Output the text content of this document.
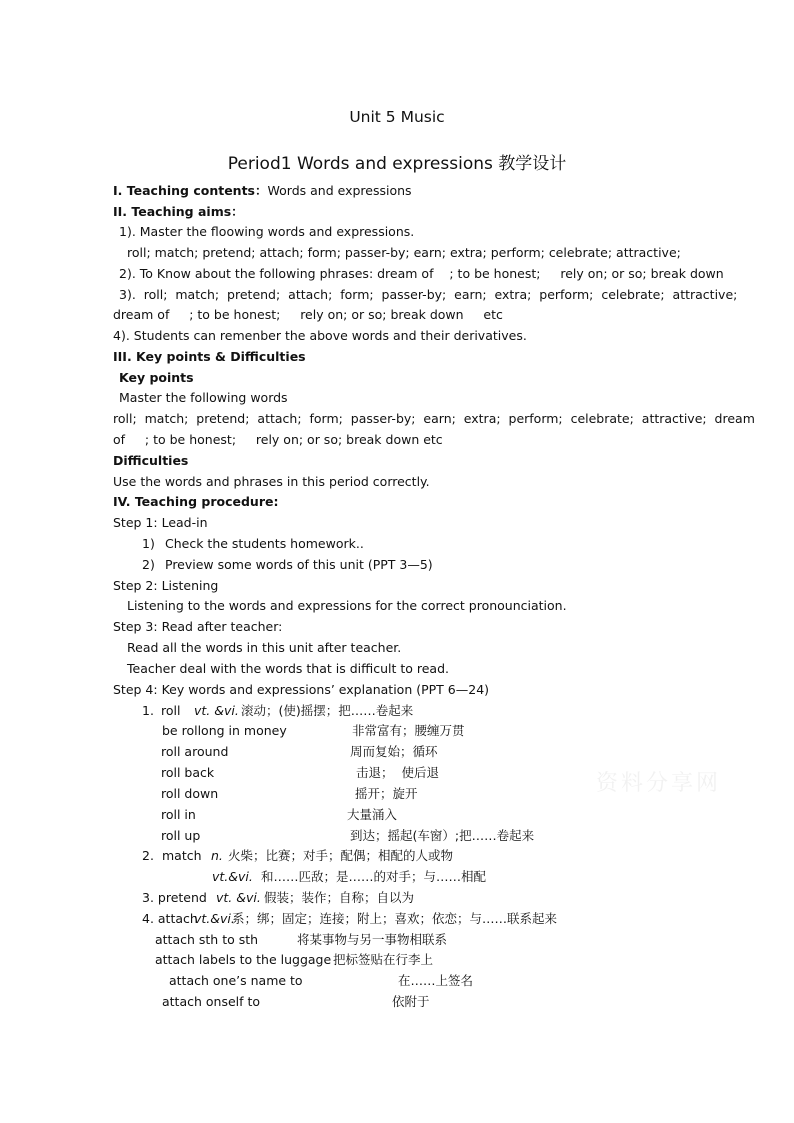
Unit 5 Music
Period1 Words and expressions 教学设计
I. Teaching contents：Words and expressions
II. Teaching aims：
1). Master the floowing words and expressions.
roll; match; pretend; attach; form; passer-by; earn; extra; perform; celebrate; attractive;
2). To Know about the following phrases: dream of    ; to be honest;     rely on; or so; break down
3).  roll;  match;  pretend;  attach;  form;  passer-by;  earn;  extra;  perform;  celebrate;  attractive;
dream of     ; to be honest;     rely on; or so; break down     etc
4). Students can remenber the above words and their derivatives.
III. Key points & Difficulties
Key points
Master the following words
roll;  match;  pretend;  attach;  form;  passer-by;  earn;  extra;  perform;  celebrate;  attractive;  dream
of     ; to be honest;     rely on; or so; break down etc
Difficulties
Use the words and phrases in this period correctly.
IV. Teaching procedure:
Step 1: Lead-in
1) Check the students homework..
2) Preview some words of this unit (PPT 3—5)
Step 2: Listening
Listening to the words and expressions for the correct pronounciation.
Step 3: Read after teacher:
Read all the words in this unit after teacher.
Teacher deal with the words that is difficult to read.
Step 4: Key words and expressions’ explanation (PPT 6—24)
1. roll vt. &vi. 滚动；(使)摇摆；把……卷起来
be rollong in money	非常富有；腰缠万贯
roll around	周而复始；循环
roll back	击退；  使后退
roll down	摇开；旋开
roll in	大量涌入
roll up	到达；摇起(车窗）;把……卷起来
2. match n. 火柴；比赛；对手；配偶；相配的人或物
vt.&vi. 和……匹敌；是……的对手；与……相配
3. pretend vt. &vi. 假装；装作；自称；自以为
4. attach
vt.&vi.
系；绑；固定；连接；附上；喜欢；依恋；与……联系起来
attach sth to sth	将某事物与另一事物相联系
attach labels to the luggage 把标签贴在行李上
attach one’s name to	在……上签名
attach onself to	依附于
资料分享网
